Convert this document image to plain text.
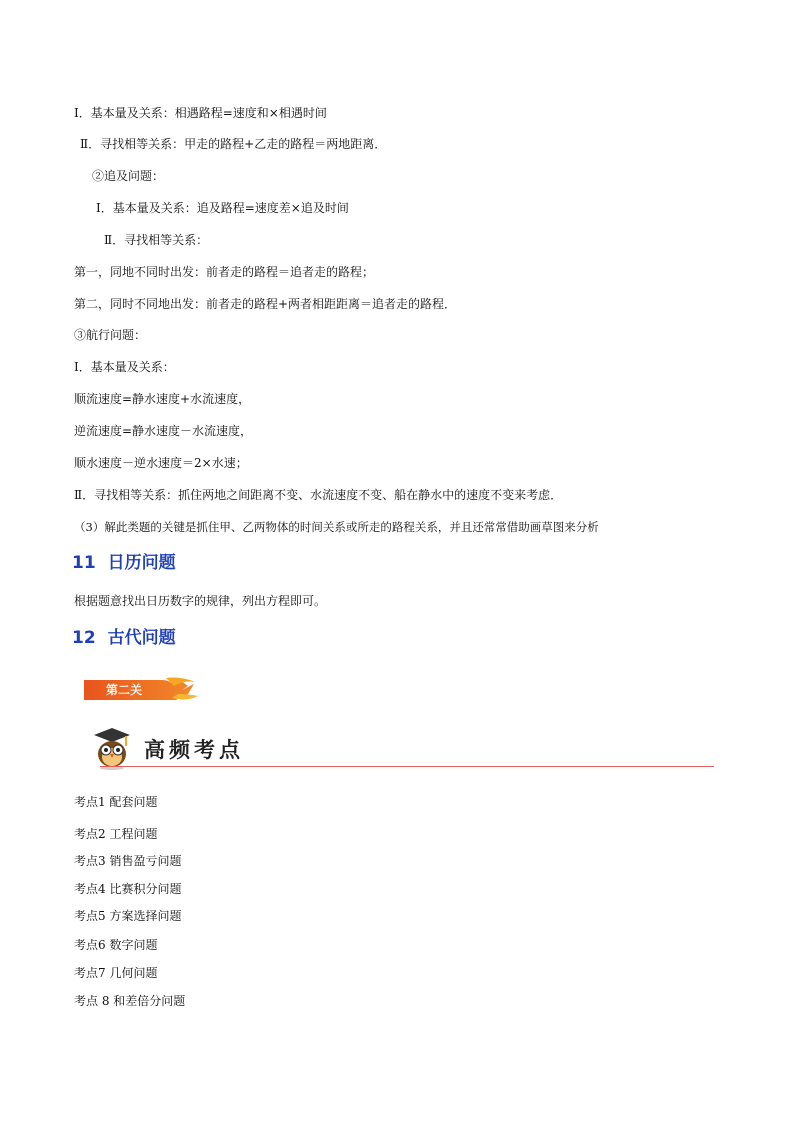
Ⅰ．基本量及关系：相遇路程=速度和×相遇时间
Ⅱ．寻找相等关系：甲走的路程+乙走的路程＝两地距离．
②追及问题：
Ⅰ．基本量及关系：追及路程=速度差×追及时间
Ⅱ．寻找相等关系：
第一，同地不同时出发：前者走的路程＝追者走的路程；
第二，同时不同地出发：前者走的路程+两者相距距离＝追者走的路程．
③航行问题：
Ⅰ．基本量及关系：
顺流速度=静水速度+水流速度，
逆流速度=静水速度－水流速度，
顺水速度－逆水速度＝2×水速；
Ⅱ．寻找相等关系：抓住两地之间距离不变、水流速度不变、船在静水中的速度不变来考虑．
（3）解此类题的关键是抓住甲、乙两物体的时间关系或所走的路程关系，并且还常常借助画草图来分析
11 日历问题
根据题意找出日历数字的规律，列出方程即可。
12 古代问题
第二关
高频考点
考点1 配套问题
考点2 工程问题
考点3 销售盈亏问题
考点4 比赛积分问题
考点5 方案选择问题
考点6 数字问题
考点7 几何问题
考点 8 和差倍分问题
